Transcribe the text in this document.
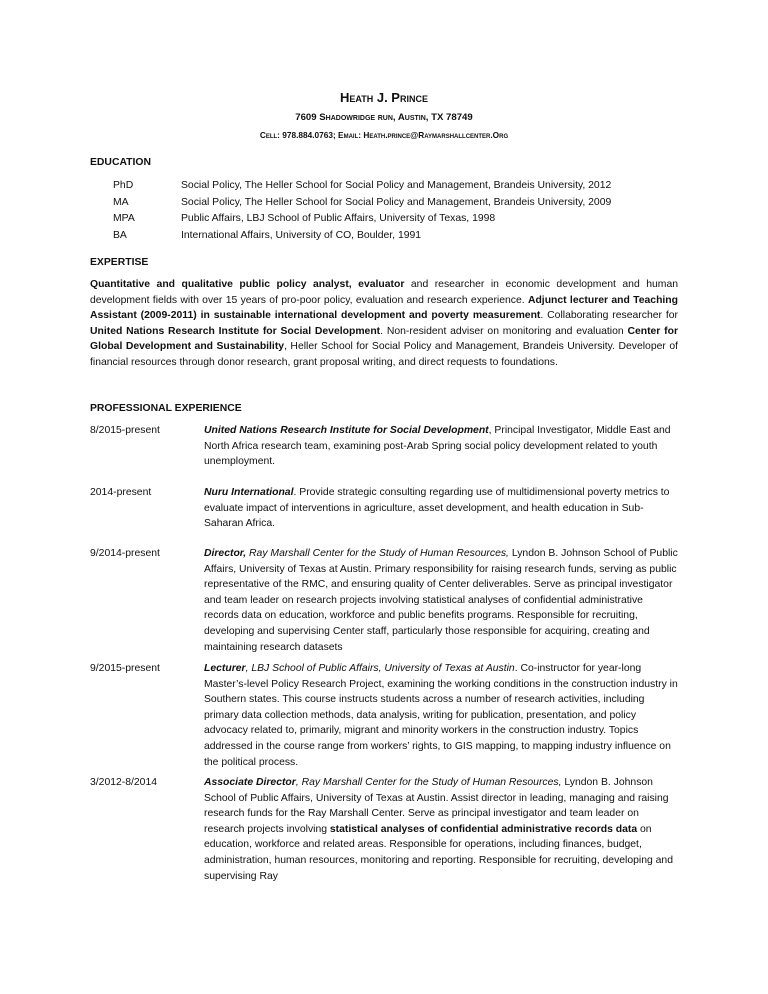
Heath J. Prince
7609 Shadowridge run, Austin, TX 78749
Cell: 978.884.0763; Email: Heath.prince@Raymarshallcenter.Org
EDUCATION
PhD	Social Policy, The Heller School for Social Policy and Management, Brandeis University, 2012
MA	Social Policy, The Heller School for Social Policy and Management, Brandeis University, 2009
MPA	Public Affairs, LBJ School of Public Affairs, University of Texas, 1998
BA	International Affairs, University of CO, Boulder, 1991
EXPERTISE
Quantitative and qualitative public policy analyst, evaluator and researcher in economic development and human development fields with over 15 years of pro-poor policy, evaluation and research experience. Adjunct lecturer and Teaching Assistant (2009-2011) in sustainable international development and poverty measurement. Collaborating researcher for United Nations Research Institute for Social Development. Non-resident adviser on monitoring and evaluation Center for Global Development and Sustainability, Heller School for Social Policy and Management, Brandeis University. Developer of financial resources through donor research, grant proposal writing, and direct requests to foundations.
PROFESSIONAL EXPERIENCE
8/2015-present	United Nations Research Institute for Social Development, Principal Investigator, Middle East and North Africa research team, examining post-Arab Spring social policy development related to youth unemployment.
2014-present	Nuru International. Provide strategic consulting regarding use of multidimensional poverty metrics to evaluate impact of interventions in agriculture, asset development, and health education in Sub-Saharan Africa.
9/2014-present	Director, Ray Marshall Center for the Study of Human Resources, Lyndon B. Johnson School of Public Affairs, University of Texas at Austin. Primary responsibility for raising research funds, serving as public representative of the RMC, and ensuring quality of Center deliverables. Serve as principal investigator and team leader on research projects involving statistical analyses of confidential administrative records data on education, workforce and public benefits programs. Responsible for recruiting, developing and supervising Center staff, particularly those responsible for acquiring, creating and maintaining research datasets
9/2015-present	Lecturer, LBJ School of Public Affairs, University of Texas at Austin. Co-instructor for year-long Master’s-level Policy Research Project, examining the working conditions in the construction industry in Southern states. This course instructs students across a number of research activities, including primary data collection methods, data analysis, writing for publication, presentation, and policy advocacy related to, primarily, migrant and minority workers in the construction industry. Topics addressed in the course range from workers’ rights, to GIS mapping, to mapping industry influence on the political process.
3/2012-8/2014	Associate Director, Ray Marshall Center for the Study of Human Resources, Lyndon B. Johnson School of Public Affairs, University of Texas at Austin. Assist director in leading, managing and raising research funds for the Ray Marshall Center. Serve as principal investigator and team leader on research projects involving statistical analyses of confidential administrative records data on education, workforce and related areas. Responsible for operations, including finances, budget, administration, human resources, monitoring and reporting. Responsible for recruiting, developing and supervising Ray
